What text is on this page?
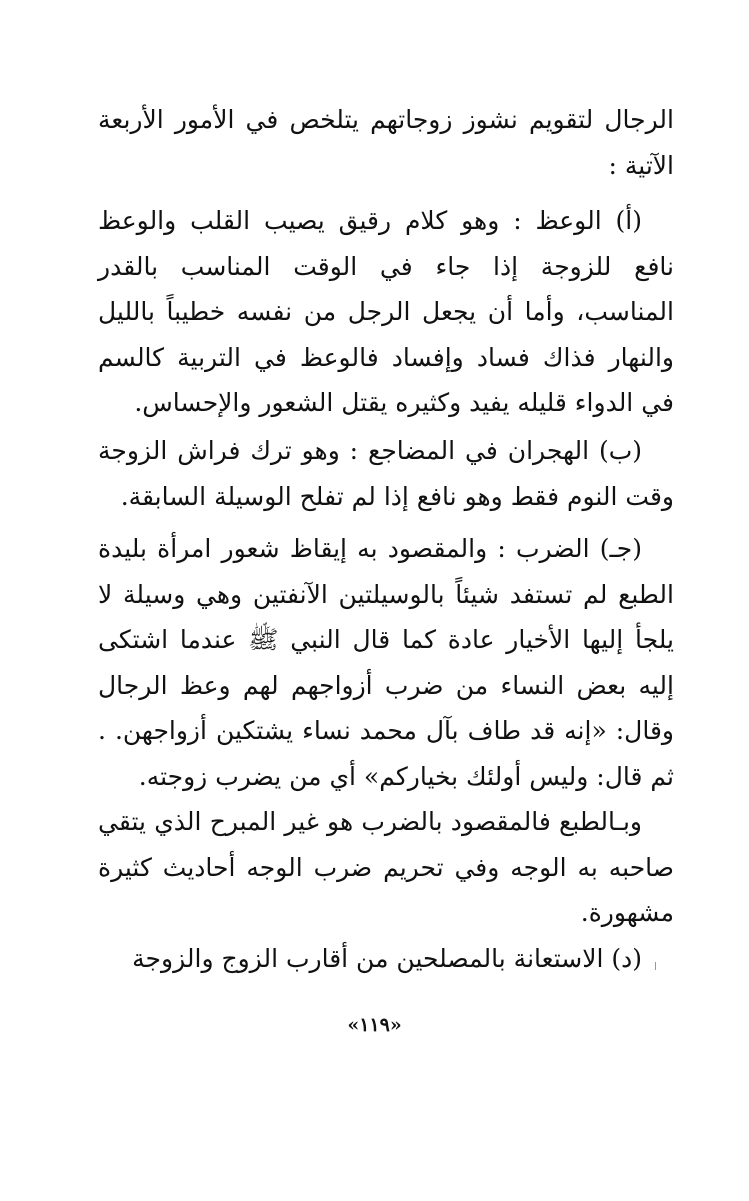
الرجال لتقويم نشوز زوجاتهم يتلخص في الأمور الأربعة الآتية :

(أ) الوعظ : وهو كلام رقيق يصيب القلب والوعظ نافع للزوجة إذا جاء في الوقت المناسب بالقدر المناسب، وأما أن يجعل الرجل من نفسه خطيباً بالليل والنهار فذاك فساد وإفساد فالوعظ في التربية كالسم في الدواء قليله يفيد وكثيره يقتل الشعور والإحساس.

(ب) الهجران في المضاجع : وهو ترك فراش الزوجة وقت النوم فقط وهو نافع إذا لم تفلح الوسيلة السابقة.

(جـ) الضرب : والمقصود به إيقاظ شعور امرأة بليدة الطبع لم تستفد شيئاً بالوسيلتين الآنفتين وهي وسيلة لا يلجأ إليها الأخيار عادة كما قال النبي ﷺ عندما اشتكى إليه بعض النساء من ضرب أزواجهم لهم وعظ الرجال وقال: «إنه قد طاف بآل محمد نساء يشتكين أزواجهن. . ثم قال: وليس أولئك بخياركم» أي من يضرب زوجته.

وبـالطبع فالمقصود بالضرب هو غير المبرح الذي يتقي صاحبه به الوجه وفي تحريم ضرب الوجه أحاديث كثيرة مشهورة.

(د) الاستعانة بالمصلحين من أقارب الزوج والزوجة

«١١٩»
